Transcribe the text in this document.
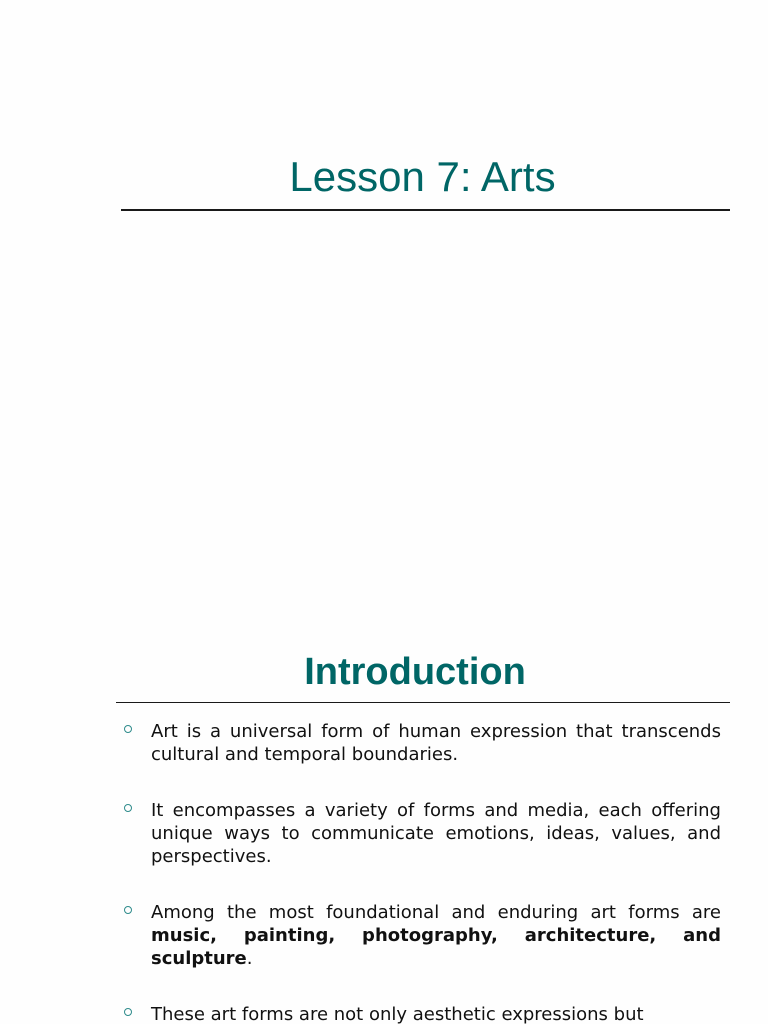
Lesson 7: Arts
Introduction
Art is a universal form of human expression that transcends cultural and temporal boundaries.
It encompasses a variety of forms and media, each offering unique ways to communicate emotions, ideas, values, and perspectives.
Among the most foundational and enduring art forms are music, painting, photography, architecture, and sculpture.
These art forms are not only aesthetic expressions but
